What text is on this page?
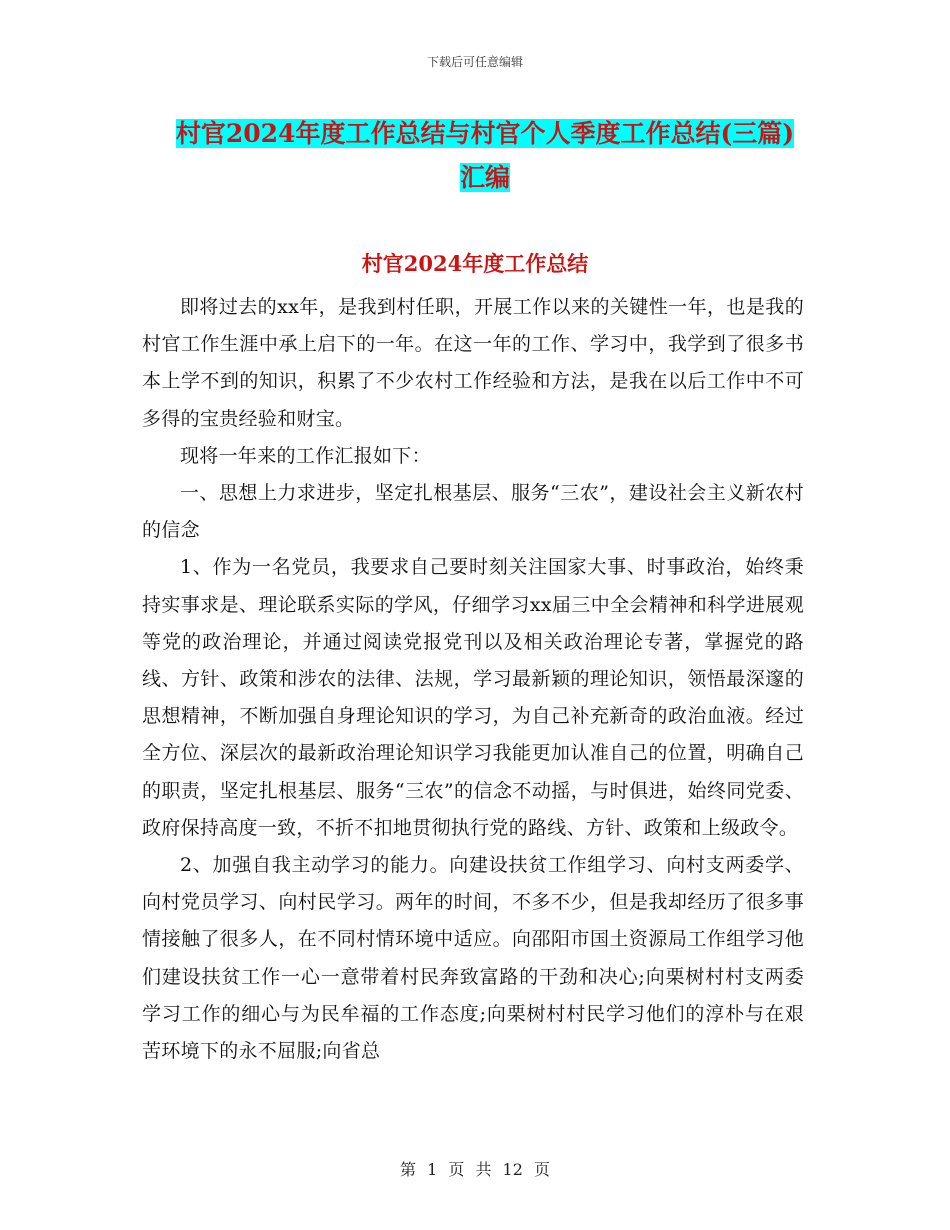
下载后可任意编辑
村官2024年度工作总结与村官个人季度工作总结(三篇)汇编
村官2024年度工作总结

即将过去的xx年，是我到村任职，开展工作以来的关键性一年，也是我的村官工作生涯中承上启下的一年。在这一年的工作、学习中，我学到了很多书本上学不到的知识，积累了不少农村工作经验和方法，是我在以后工作中不可多得的宝贵经验和财宝。

现将一年来的工作汇报如下：

一、思想上力求进步，坚定扎根基层、服务“三农”，建设社会主义新农村的信念

1、作为一名党员，我要求自己要时刻关注国家大事、时事政治，始终秉持实事求是、理论联系实际的学风，仔细学习xx届三中全会精神和科学进展观等党的政治理论，并通过阅读党报党刊以及相关政治理论专著，掌握党的路线、方针、政策和涉农的法律、法规，学习最新颖的理论知识，领悟最深邃的思想精神，不断加强自身理论知识的学习，为自己补充新奇的政治血液。经过全方位、深层次的最新政治理论知识学习我能更加认准自己的位置，明确自己的职责，坚定扎根基层、服务“三农”的信念不动摇，与时俱进，始终同党委、政府保持高度一致，不折不扣地贯彻执行党的路线、方针、政策和上级政令。

2、加强自我主动学习的能力。向建设扶贫工作组学习、向村支两委学、向村党员学习、向村民学习。两年的时间，不多不少，但是我却经历了很多事情接触了很多人，在不同村情环境中适应。向邵阳市国土资源局工作组学习他们建设扶贫工作一心一意带着村民奔致富路的干劲和决心;向栗树村村支两委学习工作的细心与为民牟福的工作态度;向栗树村村民学习他们的淳朴与在艰苦环境下的永不屈服;向省总

第 1 页 共 12 页
